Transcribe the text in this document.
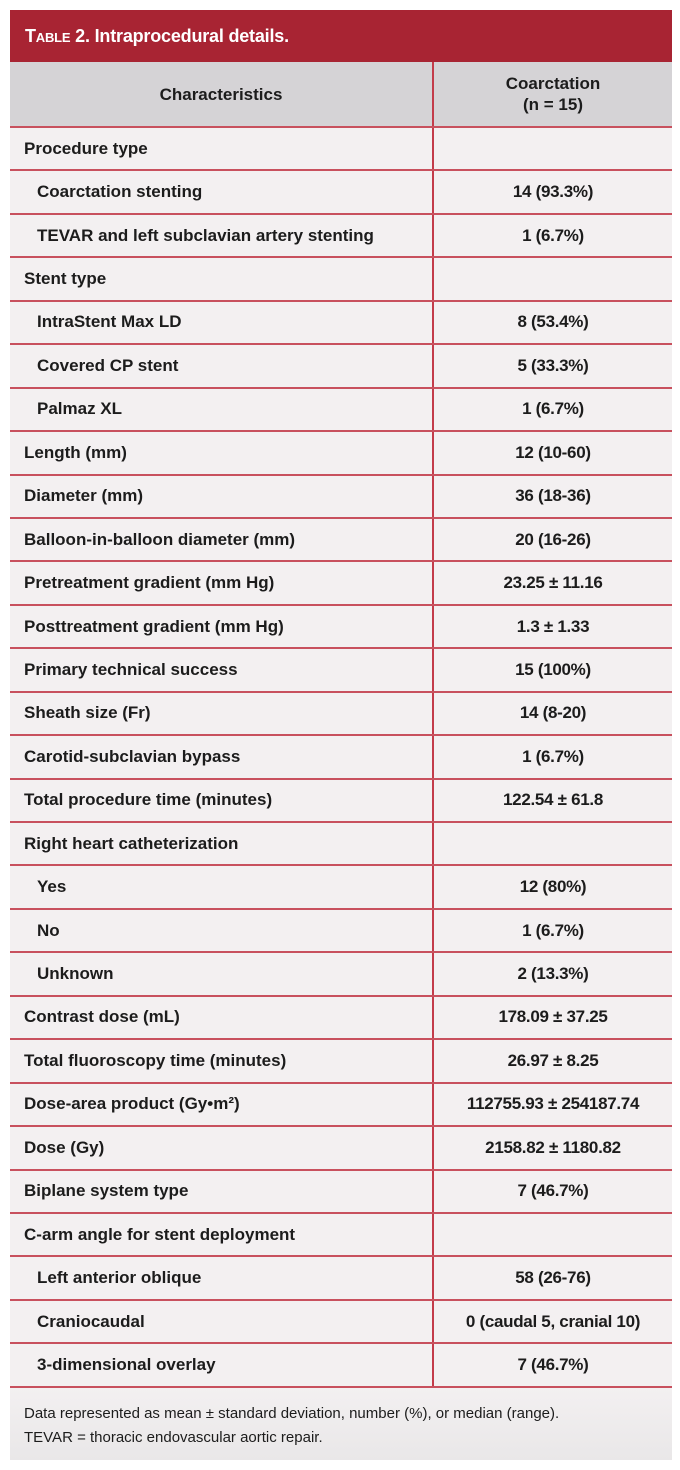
Table 2.
Intraprocedural details.
Characteristics	Coarctation
(n = 15)

Procedure type	
Coarctation stenting	14 (93.3%)
TEVAR and left subclavian artery stenting	1 (6.7%)
Stent type	
IntraStent Max LD	8 (53.4%)
Covered CP stent	5 (33.3%)
Palmaz XL	1 (6.7%)
Length (mm)	12 (10-60)
Diameter (mm)	36 (18-36)
Balloon-in-balloon diameter (mm)	20 (16-26)
Pretreatment gradient (mm Hg)	23.25 ± 11.16
Posttreatment gradient (mm Hg)	1.3 ± 1.33
Primary technical success	15 (100%)
Sheath size (Fr)	14 (8-20)
Carotid-subclavian bypass	1 (6.7%)
Total procedure time (minutes)	122.54 ± 61.8
Right heart catheterization	
Yes	12 (80%)
No	1 (6.7%)
Unknown	2 (13.3%)
Contrast dose (mL)	178.09 ± 37.25
Total fluoroscopy time (minutes)	26.97 ± 8.25
Dose-area product (Gy•m²)	112755.93 ± 254187.74
Dose (Gy)	2158.82 ± 1180.82
Biplane system type	7 (46.7%)
C-arm angle for stent deployment	
Left anterior oblique	58 (26-76)
Craniocaudal	0 (caudal 5, cranial 10)
3-dimensional overlay	7 (46.7%)

Data represented as mean ± standard deviation, number (%), or median (range).

TEVAR = thoracic endovascular aortic repair.
